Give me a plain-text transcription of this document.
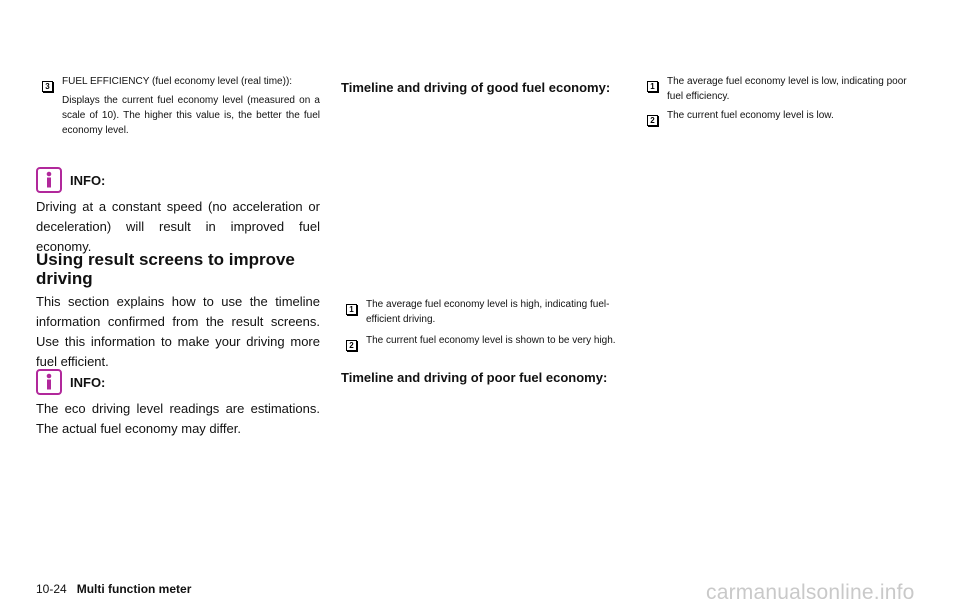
3	FUEL EFFICIENCY (fuel economy level (real time)):
Displays the current fuel economy level (measured on a scale of 10). The higher this value is, the better the fuel economy level.
INFO:
Driving at a constant speed (no acceleration or deceleration) will result in improved fuel economy.
Using result screens to improve driving
This section explains how to use the timeline information confirmed from the result screens. Use this information to make your driving more fuel efficient.
INFO:
The eco driving level readings are estimations. The actual fuel economy may differ.
Timeline and driving of good fuel economy:
1	The average fuel economy level is high, indicating fuel-efficient driving.
2	The current fuel economy level is shown to be very high.
Timeline and driving of poor fuel economy:
1	The average fuel economy level is low, indicating poor fuel efficiency.
2	The current fuel economy level is low.
10-24 Multi function meter	carmanualsonline.info
